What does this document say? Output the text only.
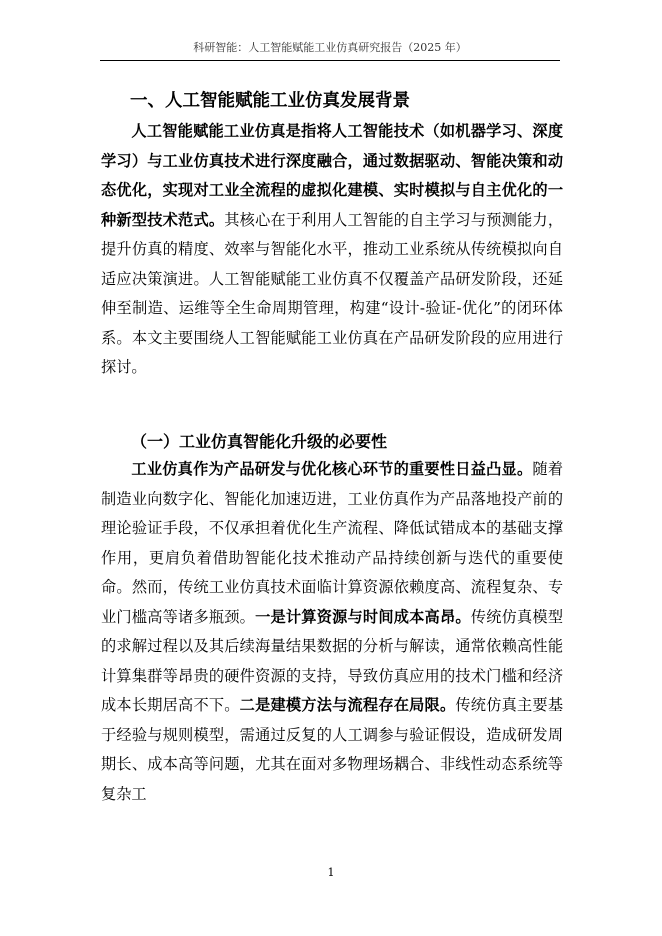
科研智能：人工智能赋能工业仿真研究报告（2025 年）
一、人工智能赋能工业仿真发展背景

人工智能赋能工业仿真是指将人工智能技术（如机器学习、深度学习）与工业仿真技术进行深度融合，通过数据驱动、智能决策和动态优化，实现对工业全流程的虚拟化建模、实时模拟与自主优化的一种新型技术范式。其核心在于利用人工智能的自主学习与预测能力，提升仿真的精度、效率与智能化水平，推动工业系统从传统模拟向自适应决策演进。人工智能赋能工业仿真不仅覆盖产品研发阶段，还延伸至制造、运维等全生命周期管理，构建“设计-验证-优化”的闭环体系。本文主要围绕人工智能赋能工业仿真在产品研发阶段的应用进行探讨。

（一）工业仿真智能化升级的必要性

工业仿真作为产品研发与优化核心环节的重要性日益凸显。随着制造业向数字化、智能化加速迈进，工业仿真作为产品落地投产前的理论验证手段，不仅承担着优化生产流程、降低试错成本的基础支撑作用，更肩负着借助智能化技术推动产品持续创新与迭代的重要使命。然而，传统工业仿真技术面临计算资源依赖度高、流程复杂、专业门槛高等诸多瓶颈。一是计算资源与时间成本高昂。传统仿真模型的求解过程以及其后续海量结果数据的分析与解读，通常依赖高性能计算集群等昂贵的硬件资源的支持，导致仿真应用的技术门槛和经济成本长期居高不下。二是建模方法与流程存在局限。传统仿真主要基于经验与规则模型，需通过反复的人工调参与验证假设，造成研发周期长、成本高等问题，尤其在面对多物理场耦合、非线性动态系统等复杂工

1
